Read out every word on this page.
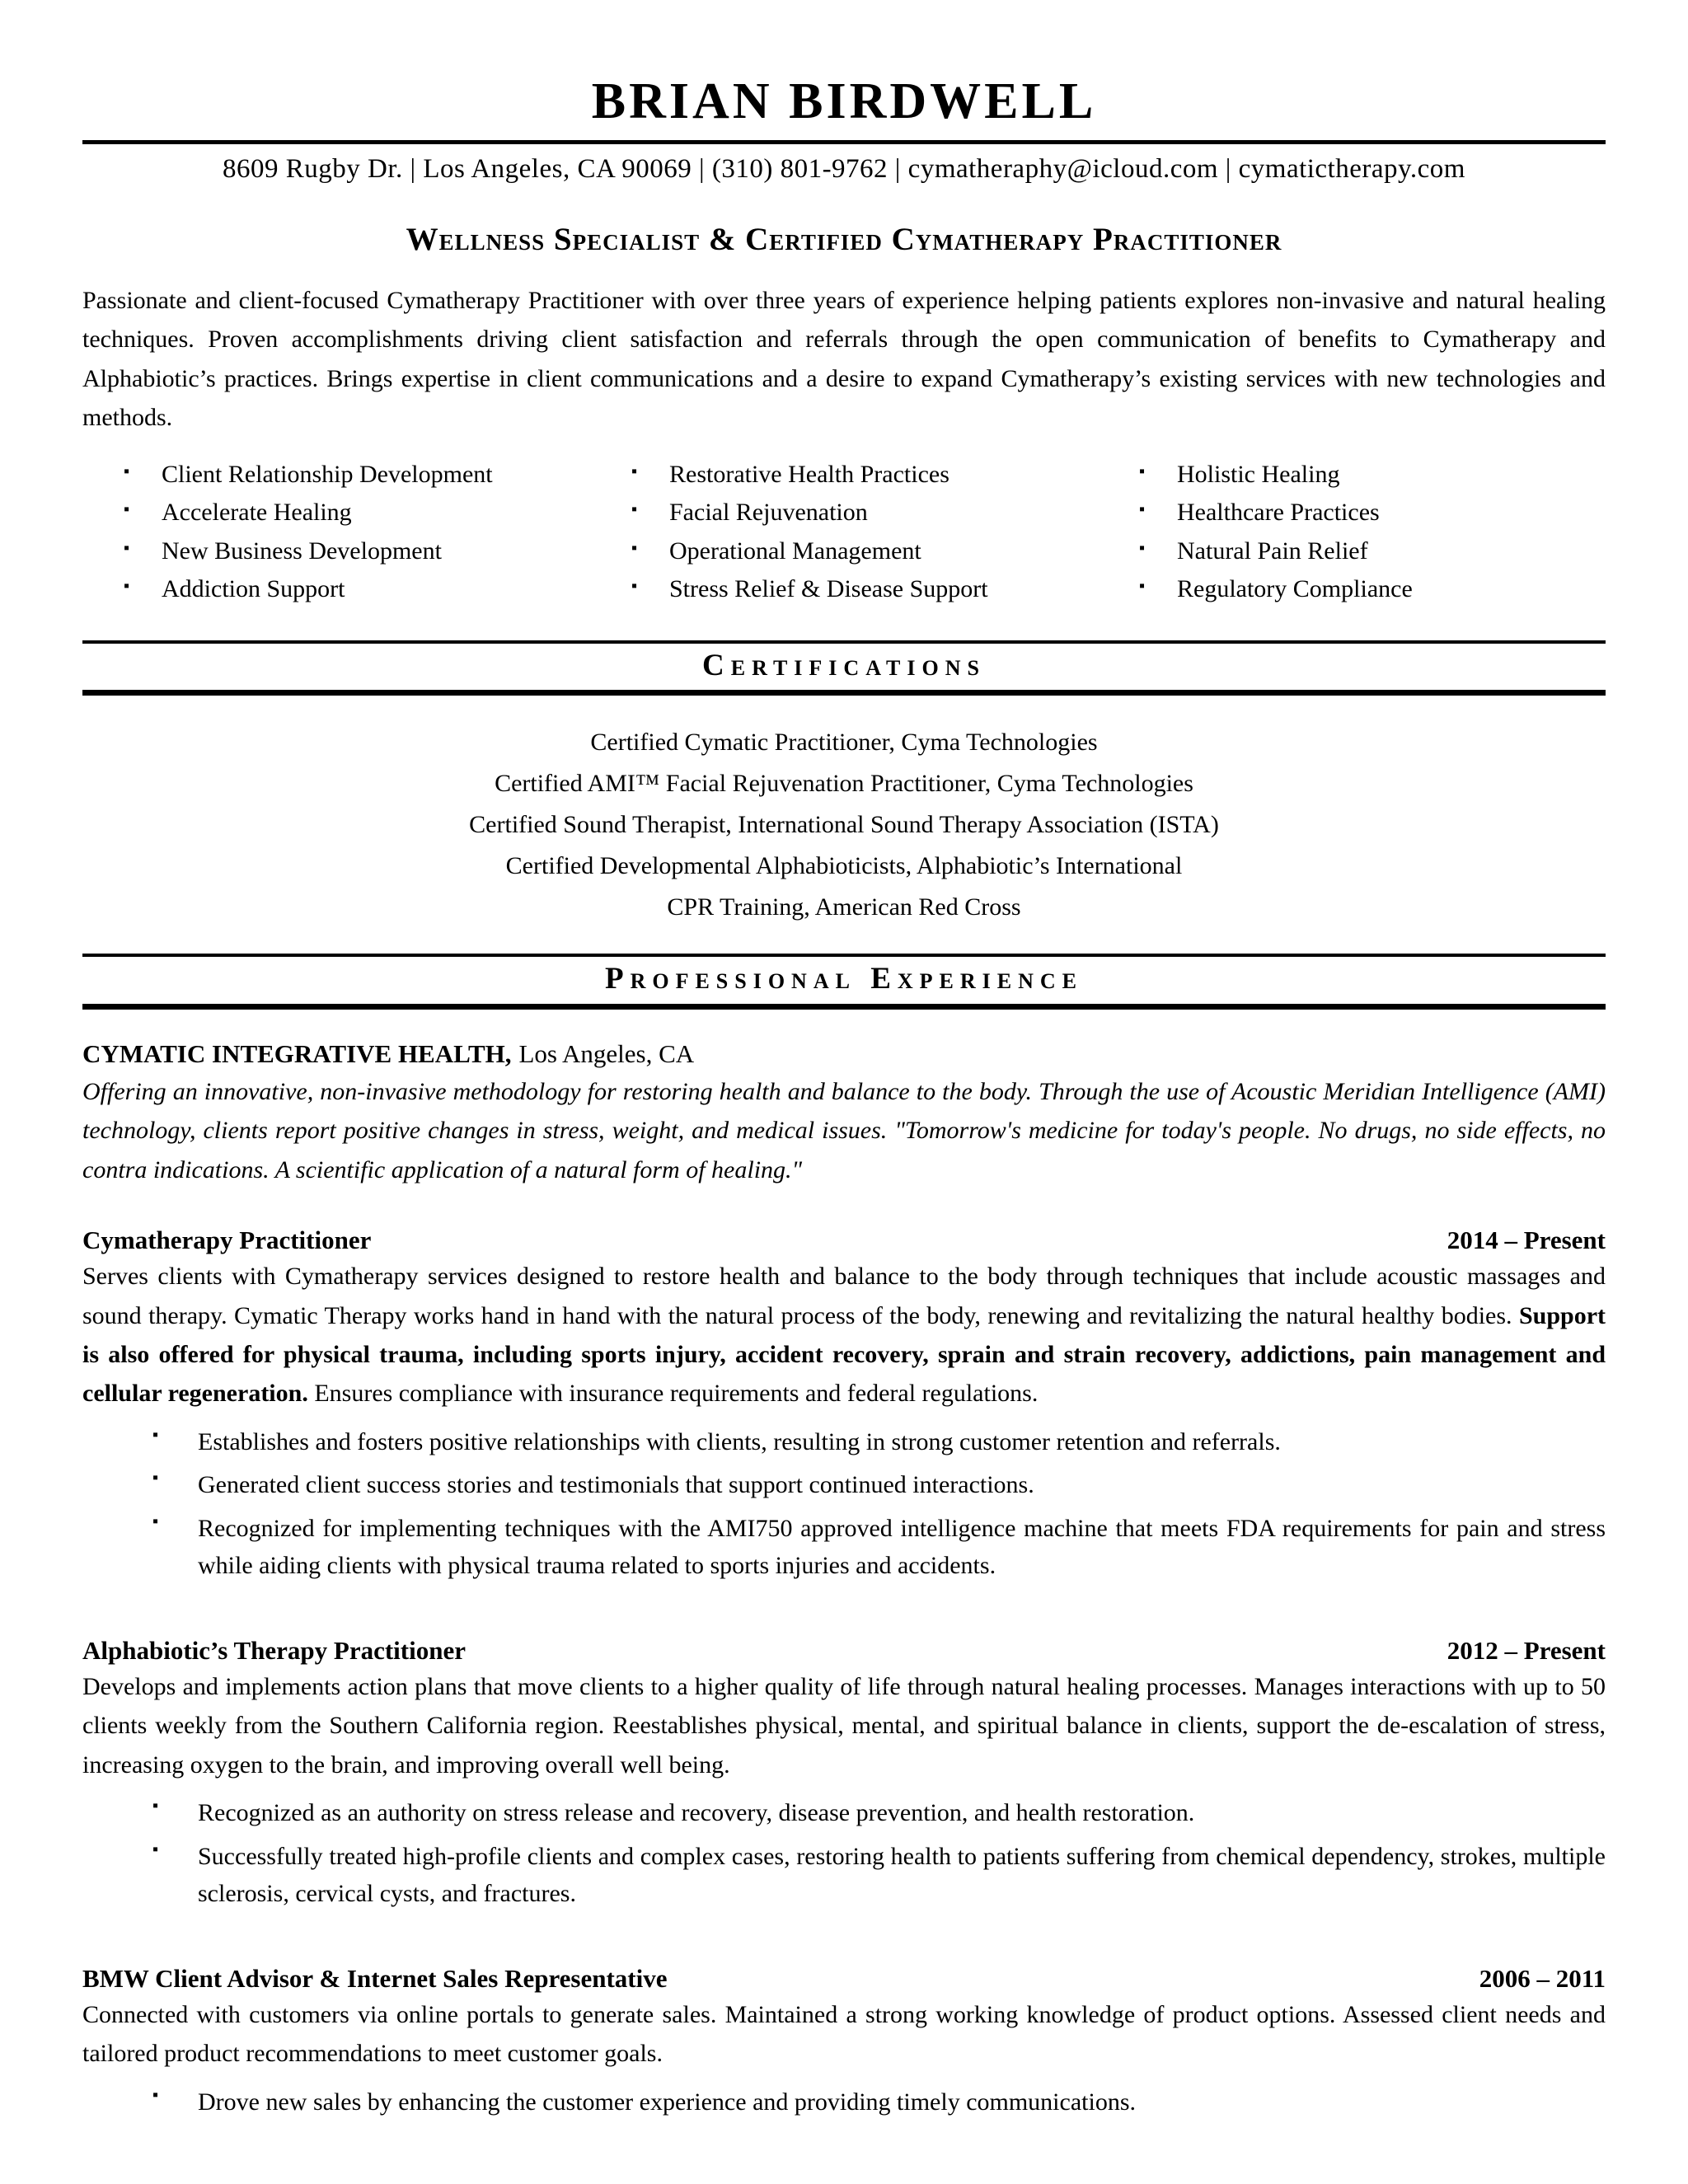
BRIAN BIRDWELL
8609 Rugby Dr. | Los Angeles, CA 90069 | (310) 801-9762 | cymatheraphy@icloud.com | cymatictherapy.com
Wellness Specialist & Certified Cymatherapy Practitioner
Passionate and client-focused Cymatherapy Practitioner with over three years of experience helping patients explores non-invasive and natural healing techniques. Proven accomplishments driving client satisfaction and referrals through the open communication of benefits to Cymatherapy and Alphabiotic’s practices. Brings expertise in client communications and a desire to expand Cymatherapy’s existing services with new technologies and methods.
▪	Client Relationship Development
▪	Accelerate Healing
▪	New Business Development
▪	Addiction Support
▪	Restorative Health Practices
▪	Facial Rejuvenation
▪	Operational Management
▪	Stress Relief & Disease Support
▪	Holistic Healing
▪	Healthcare Practices
▪	Natural Pain Relief
▪	Regulatory Compliance
Certifications
Certified Cymatic Practitioner, Cyma Technologies
Certified AMI™ Facial Rejuvenation Practitioner, Cyma Technologies
Certified Sound Therapist, International Sound Therapy Association (ISTA)
Certified Developmental Alphabioticists, Alphabiotic’s International
CPR Training, American Red Cross
Professional Experience
CYMATIC INTEGRATIVE HEALTH, Los Angeles, CA
Offering an innovative, non-invasive methodology for restoring health and balance to the body. Through the use of Acoustic Meridian Intelligence (AMI) technology, clients report positive changes in stress, weight, and medical issues. "Tomorrow's medicine for today's people. No drugs, no side effects, no contra indications. A scientific application of a natural form of healing."
Cymatherapy Practitioner	2014 – Present
Serves clients with Cymatherapy services designed to restore health and balance to the body through techniques that include acoustic massages and sound therapy. Cymatic Therapy works hand in hand with the natural process of the body, renewing and revitalizing the natural healthy bodies. Support is also offered for physical trauma, including sports injury, accident recovery, sprain and strain recovery, addictions, pain management and cellular regeneration. Ensures compliance with insurance requirements and federal regulations.
▪	Establishes and fosters positive relationships with clients, resulting in strong customer retention and referrals.
▪	Generated client success stories and testimonials that support continued interactions.
▪	Recognized for implementing techniques with the AMI750 approved intelligence machine that meets FDA requirements for pain and stress while aiding clients with physical trauma related to sports injuries and accidents.
Alphabiotic’s Therapy Practitioner	2012 – Present
Develops and implements action plans that move clients to a higher quality of life through natural healing processes. Manages interactions with up to 50 clients weekly from the Southern California region. Reestablishes physical, mental, and spiritual balance in clients, support the de-escalation of stress, increasing oxygen to the brain, and improving overall well being.
▪	Recognized as an authority on stress release and recovery, disease prevention, and health restoration.
▪	Successfully treated high-profile clients and complex cases, restoring health to patients suffering from chemical dependency, strokes, multiple sclerosis, cervical cysts, and fractures.
BMW Client Advisor & Internet Sales Representative	2006 – 2011
Connected with customers via online portals to generate sales. Maintained a strong working knowledge of product options. Assessed client needs and tailored product recommendations to meet customer goals.
▪	Drove new sales by enhancing the customer experience and providing timely communications.
